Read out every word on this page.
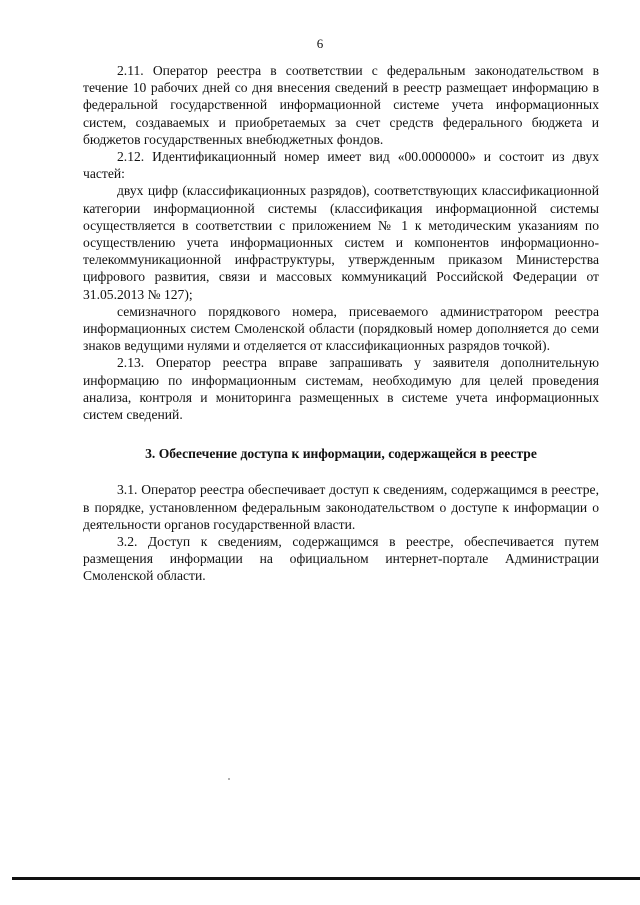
6

2.11. Оператор реестра в соответствии с федеральным законодательством в течение 10 рабочих дней со дня внесения сведений в реестр размещает информацию в федеральной государственной информационной системе учета информационных систем, создаваемых и приобретаемых за счет средств федерального бюджета и бюджетов государственных внебюджетных фондов.

2.12. Идентификационный номер имеет вид «00.0000000» и состоит из двух частей:

двух цифр (классификационных разрядов), соответствующих классификационной категории информационной системы (классификация информационной системы осуществляется в соответствии с приложением № 1 к методическим указаниям по осуществлению учета информационных систем и компонентов информационно-телекоммуникационной инфраструктуры, утвержденным приказом Министерства цифрового развития, связи и массовых коммуникаций Российской Федерации от 31.05.2013 № 127);

семизначного порядкового номера, присеваемого администратором реестра информационных систем Смоленской области (порядковый номер дополняется до семи знаков ведущими нулями и отделяется от классификационных разрядов точкой).

2.13. Оператор реестра вправе запрашивать у заявителя дополнительную информацию по информационным системам, необходимую для целей проведения анализа, контроля и мониторинга размещенных в системе учета информационных систем сведений.

3. Обеспечение доступа к информации, содержащейся в реестре

3.1. Оператор реестра обеспечивает доступ к сведениям, содержащимся в реестре, в порядке, установленном федеральным законодательством о доступе к информации о деятельности органов государственной власти.

3.2. Доступ к сведениям, содержащимся в реестре, обеспечивается путем размещения информации на официальном интернет-портале Администрации Смоленской области.
